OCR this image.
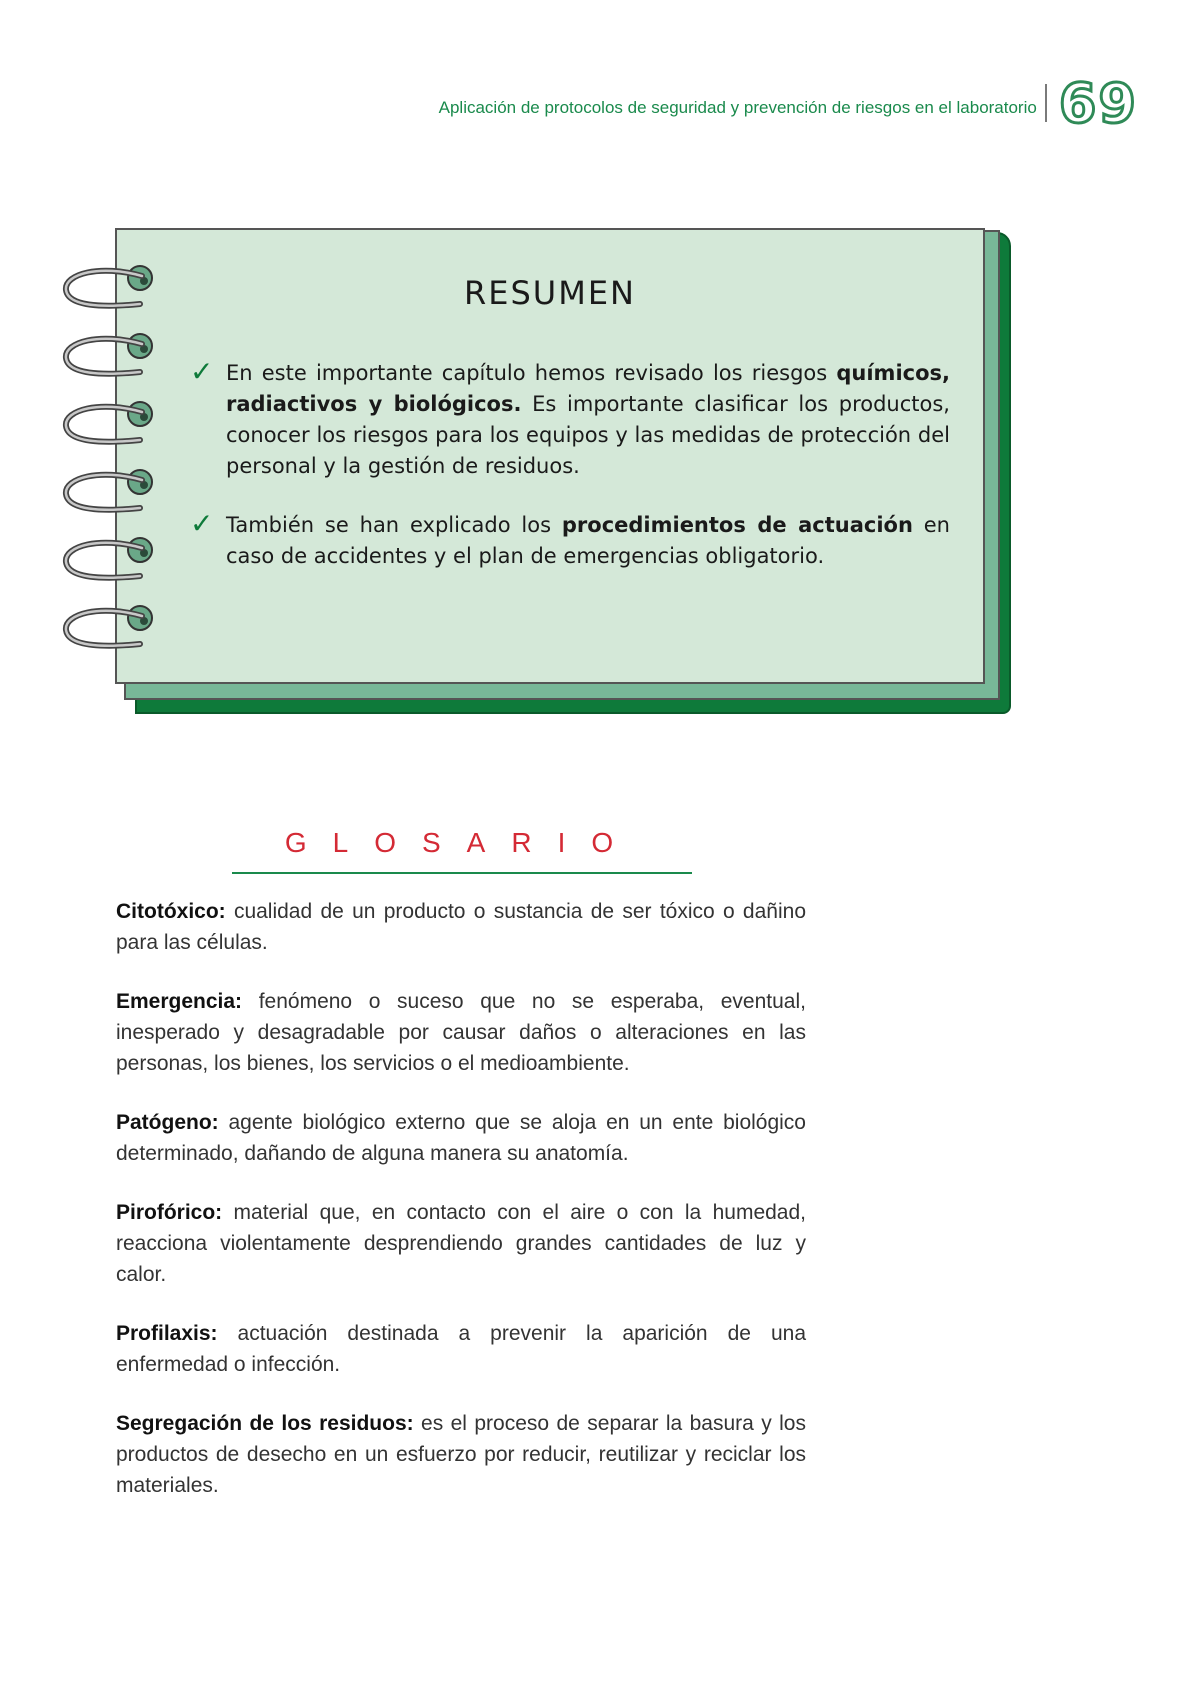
Aplicación de protocolos de seguridad y prevención de riesgos en el laboratorio 69
RESUMEN
✓ En este importante capítulo hemos revisado los riesgos químicos, radiactivos y biológicos. Es importante clasificar los productos, conocer los riesgos para los equipos y las medidas de protección del personal y la gestión de residuos.
✓ También se han explicado los procedimientos de actuación en caso de accidentes y el plan de emergencias obligatorio.
GLOSARIO
Citotóxico: cualidad de un producto o sustancia de ser tóxico o dañino para las células.
Emergencia: fenómeno o suceso que no se esperaba, eventual, inesperado y desagradable por causar daños o alteraciones en las personas, los bienes, los servicios o el medioambiente.
Patógeno: agente biológico externo que se aloja en un ente biológico determinado, dañando de alguna manera su anatomía.
Pirofórico: material que, en contacto con el aire o con la humedad, reacciona violentamente desprendiendo grandes cantidades de luz y calor.
Profilaxis: actuación destinada a prevenir la aparición de una enfermedad o infección.
Segregación de los residuos: es el proceso de separar la basura y los productos de desecho en un esfuerzo por reducir, reutilizar y reciclar los materiales.
